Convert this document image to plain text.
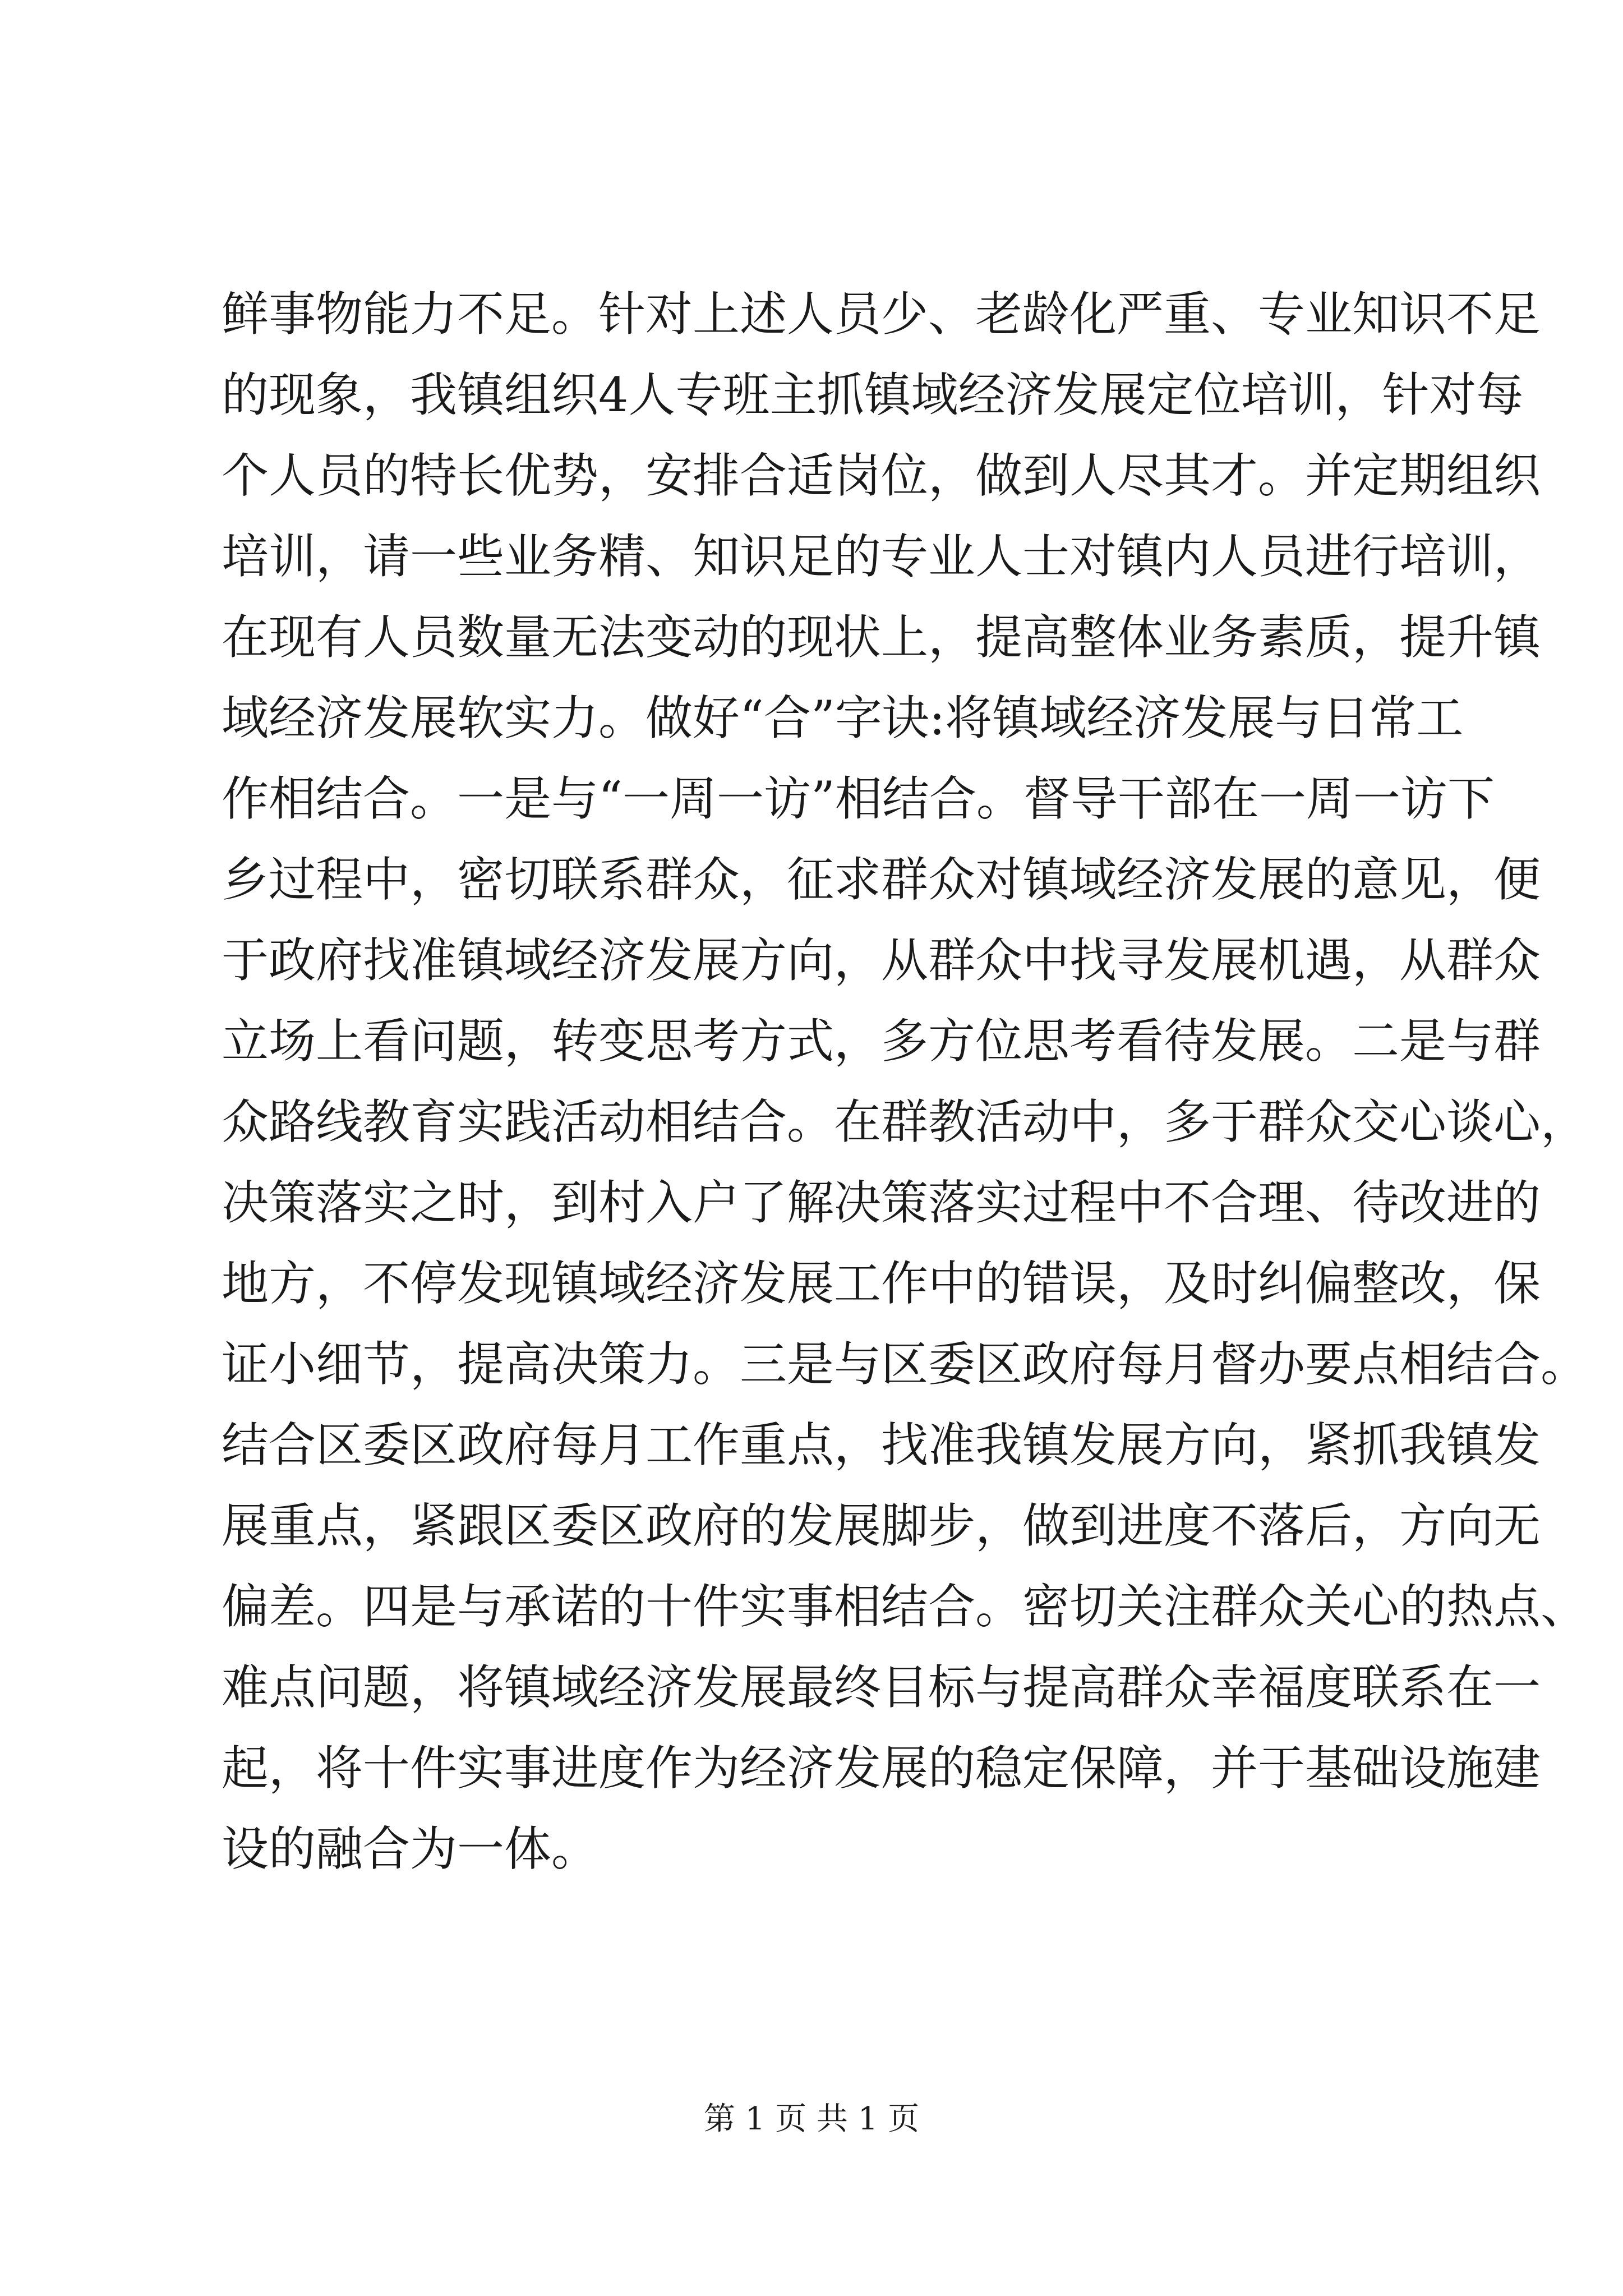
鲜事物能力不足。针对上述人员少、老龄化严重、专业知识不足
的现象，我镇组织4人专班主抓镇域经济发展定位培训，针对每
个人员的特长优势，安排合适岗位，做到人尽其才。并定期组织
培训，请一些业务精、知识足的专业人士对镇内人员进行培训，
在现有人员数量无法变动的现状上，提高整体业务素质，提升镇
域经济发展软实力。做好“合”字诀:将镇域经济发展与日常工
作相结合。一是与“一周一访”相结合。督导干部在一周一访下
乡过程中，密切联系群众，征求群众对镇域经济发展的意见，便
于政府找准镇域经济发展方向，从群众中找寻发展机遇，从群众
立场上看问题，转变思考方式，多方位思考看待发展。二是与群
众路线教育实践活动相结合。在群教活动中，多于群众交心谈心，
决策落实之时，到村入户了解决策落实过程中不合理、待改进的
地方，不停发现镇域经济发展工作中的错误，及时纠偏整改，保
证小细节，提高决策力。三是与区委区政府每月督办要点相结合。
结合区委区政府每月工作重点，找准我镇发展方向，紧抓我镇发
展重点，紧跟区委区政府的发展脚步，做到进度不落后，方向无
偏差。四是与承诺的十件实事相结合。密切关注群众关心的热点、
难点问题，将镇域经济发展最终目标与提高群众幸福度联系在一
起，将十件实事进度作为经济发展的稳定保障，并于基础设施建
设的融合为一体。
第 1 页 共 1 页
